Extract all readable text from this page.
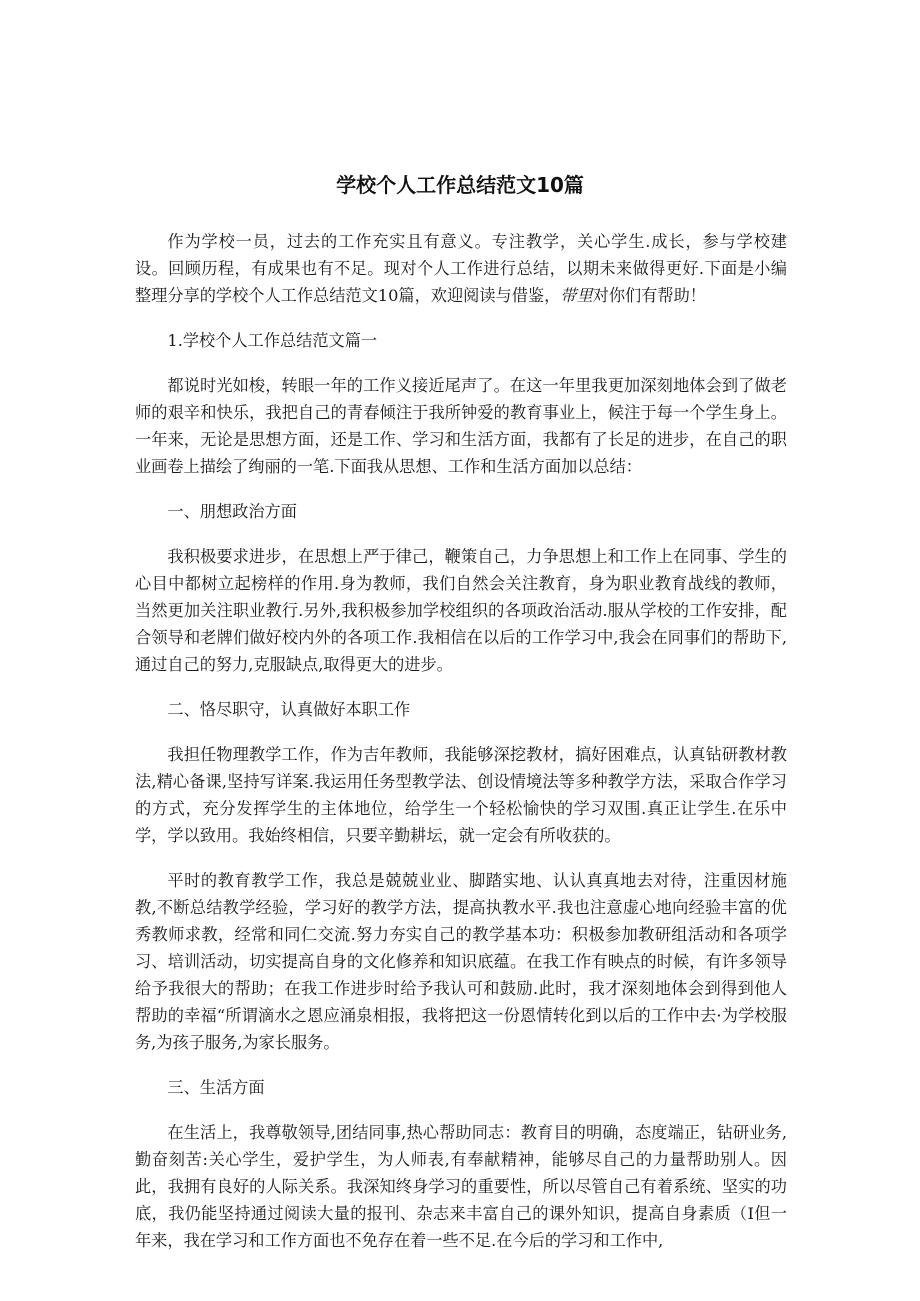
学校个人工作总结范文10篇

作为学校一员，过去的工作充实且有意义。专注教学，关心学生.成长，参与学校建设。回顾历程，有成果也有不足。现对个人工作进行总结，以期未来做得更好.下面是小编整理分享的学校个人工作总结范文10篇，欢迎阅读与借鉴，带里对你们有帮助！

1.学校个人工作总结范文篇一

都说时光如梭，转眼一年的工作义接近尾声了。在这一年里我更加深刻地体会到了做老师的艰辛和快乐，我把自己的青春倾注于我所钟爱的教育事业上，候注于每一个学生身上。一年来，无论是思想方面，还是工作、学习和生活方面，我都有了长足的进步，在自己的职业画卷上描绘了绚丽的一笔.下面我从思想、工作和生活方面加以总结：

一、朋想政治方面

我积极要求进步，在思想上严于律己，鞭策自己，力争思想上和工作上在同事、学生的心目中都树立起榜样的作用.身为教师，我们自然会关注教育，身为职业教育战线的教师，当然更加关注职业教行.另外,我积极参加学校组织的各项政治活动.服从学校的工作安排，配合领导和老牌们做好校内外的各项工作.我相信在以后的工作学习中,我会在同事们的帮助下,通过自己的努力,克服缺点,取得更大的进步。

二、恪尽职守，认真做好本职工作

我担任物理教学工作，作为吉年教师，我能够深挖教材，搞好困难点，认真钻研教材教法,精心备课,坚持写详案.我运用任务型教学法、创设情境法等多种教学方法，采取合作学习的方式，充分发挥学生的主体地位，给学生一个轻松愉快的学习双围.真正让学生.在乐中学，学以致用。我始终相信，只要辛勤耕坛，就一定会有所收获的。

平时的教育教学工作，我总是兢兢业业、脚踏实地、认认真真地去对待，注重因材施教,不断总结教学经验，学习好的教学方法，提高执教水平.我也注意虚心地向经验丰富的优秀教师求教，经常和同仁交流.努力夯实自己的教学基本功：积极参加教研组活动和各项学习、培训活动，切实提高自身的文化修养和知识底蕴。在我工作有映点的时候，有许多领导给予我很大的帮助；在我工作进步时给予我认可和鼓励.此时，我才深刻地体会到得到他人帮助的幸福“所谓滴水之恩应涌泉相报，我将把这一份恩情转化到以后的工作中去·为学校服务,为孩子服务,为家长服务。

三、生活方面

在生活上，我尊敬领导,团结同事,热心帮助同志：教育目的明确，态度端正，钻研业务,勤奋刻苦:关心学生，爱护学生，为人师表,有奉献精神，能够尽自己的力量帮助别人。因此，我拥有良好的人际关系。我深知终身学习的重要性，所以尽管自己有着系统、坚实的功底，我仍能坚持通过阅读大量的报刊、杂志来丰富自己的课外知识，提高自身素质（I但一年来，我在学习和工作方面也不免存在着一些不足.在今后的学习和工作中,
